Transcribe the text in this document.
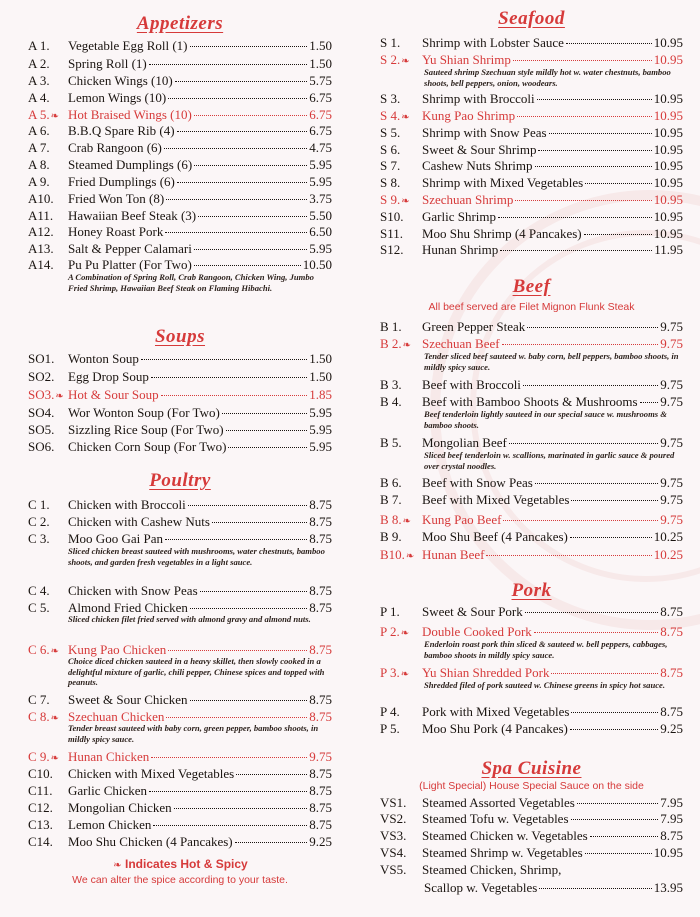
Appetizers
Soups
Poultry
❧ Indicates Hot & Spicy
We can alter the spice according to your taste.
A 1.	Vegetable Egg Roll (1)	1.50
A 2.	Spring Roll (1)	1.50
A 3.	Chicken Wings (10)	5.75
A 4.	Lemon Wings (10)	6.75
A 5.❧ Hot Braised Wings (10)	6.75
A 6.	B.B.Q Spare Rib (4)	6.75
A 7.	Crab Rangoon (6)	4.75
A 8.	Steamed Dumplings (6)	5.95
A 9.	Fried Dumplings (6)	5.95
A10.	Fried Won Ton (8)	3.75
A11.	Hawaiian Beef Steak (3)	5.50
A12.	Honey Roast Pork	6.50
A13.	Salt & Pepper Calamari	5.95
A14.	Pu Pu Platter (For Two)	10.50
A Combination of Spring Roll, Crab Rangoon, Chicken Wing, Jumbo Fried Shrimp, Hawaiian Beef Steak on Flaming Hibachi.
SO1.	Wonton Soup	1.50
SO2.	Egg Drop Soup	1.50
SO3.❧ Hot & Sour Soup	1.85
SO4.	Wor Wonton Soup (For Two)	5.95
SO5.	Sizzling Rice Soup (For Two)	5.95
SO6.	Chicken Corn Soup (For Two)	5.95
C 1.	Chicken with Broccoli	8.75
C 2.	Chicken with Cashew Nuts	8.75
C 3.	Moo Goo Gai Pan	8.75
Sliced chicken breast sauteed with mushrooms, water chestnuts, bamboo shoots, and garden fresh vegetables in a light sauce.
C 4.	Chicken with Snow Peas	8.75
C 5.	Almond Fried Chicken	8.75
Sliced chicken filet fried served with almond gravy and almond nuts.
C 6.❧ Kung Pao Chicken	8.75
Choice diced chicken sauteed in a heavy skillet, then slowly cooked in a delightful mixture of garlic, chili pepper, Chinese spices and topped with peanuts.
C 7.	Sweet & Sour Chicken	8.75
C 8.❧ Szechuan Chicken	8.75
Tender breast sauteed with baby corn, green pepper, bamboo shoots, in mildly spicy sauce.
C 9.❧ Hunan Chicken	9.75
C10.	Chicken with Mixed Vegetables	8.75
C11.	Garlic Chicken	8.75
C12.	Mongolian Chicken	8.75
C13.	Lemon Chicken	8.75
C14.	Moo Shu Chicken (4 Pancakes)	9.25
Seafood
Beef
All beef served are Filet Mignon Flunk Steak
Pork
Spa Cuisine
(Light Special) House Special Sauce on the side
S 1.	Shrimp with Lobster Sauce	10.95
S 2.❧ Yu Shian Shrimp	10.95
Sauteed shrimp Szechuan style mildly hot w. water chestnuts, bamboo shoots, bell peppers, onion, woodears.
S 3.	Shrimp with Broccoli	10.95
S 4.❧ Kung Pao Shrimp	10.95
S 5.	Shrimp with Snow Peas	10.95
S 6.	Sweet & Sour Shrimp	10.95
S 7.	Cashew Nuts Shrimp	10.95
S 8.	Shrimp with Mixed Vegetables	10.95
S 9.❧ Szechuan Shrimp	10.95
S10.	Garlic Shrimp	10.95
S11.	Moo Shu Shrimp (4 Pancakes)	10.95
S12.	Hunan Shrimp	11.95
B 1.	Green Pepper Steak	9.75
B 2.❧ Szechuan Beef	9.75
Tender sliced beef sauteed w. baby corn, bell peppers, bamboo shoots, in mildly spicy sauce.
B 3.	Beef with Broccoli	9.75
B 4.	Beef with Bamboo Shoots & Mushrooms 9.75
Beef tenderloin lightly sauteed in our special sauce w. mushrooms & bamboo shoots.
B 5.	Mongolian Beef	9.75
Sliced beef tenderloin w. scallions, marinated in garlic sauce & poured over crystal noodles.
B 6.	Beef with Snow Peas	9.75
B 7.	Beef with Mixed Vegetables	9.75
B 8.❧ Kung Pao Beef	9.75
B 9.	Moo Shu Beef (4 Pancakes)	10.25
B10.❧ Hunan Beef	10.25
P 1.	Sweet & Sour Pork	8.75
P 2.❧ Double Cooked Pork	8.75
Enderloin roast pork thin sliced & sauteed w. bell peppers, cabbages, bamboo shoots in mildly spicy sauce.
P 3.❧ Yu Shian Shredded Pork	8.75
Shredded filed of pork sauteed w. Chinese greens in spicy hot sauce.
P 4.	Pork with Mixed Vegetables	8.75
P 5.	Moo Shu Pork (4 Pancakes)	9.25
VS1.	Steamed Assorted Vegetables	7.95
VS2.	Steamed Tofu w. Vegetables	7.95
VS3.	Steamed Chicken w. Vegetables	8.75
VS4.	Steamed Shrimp w. Vegetables	10.95
VS5.	Steamed Chicken, Shrimp,
Scallop w. Vegetables	13.95
